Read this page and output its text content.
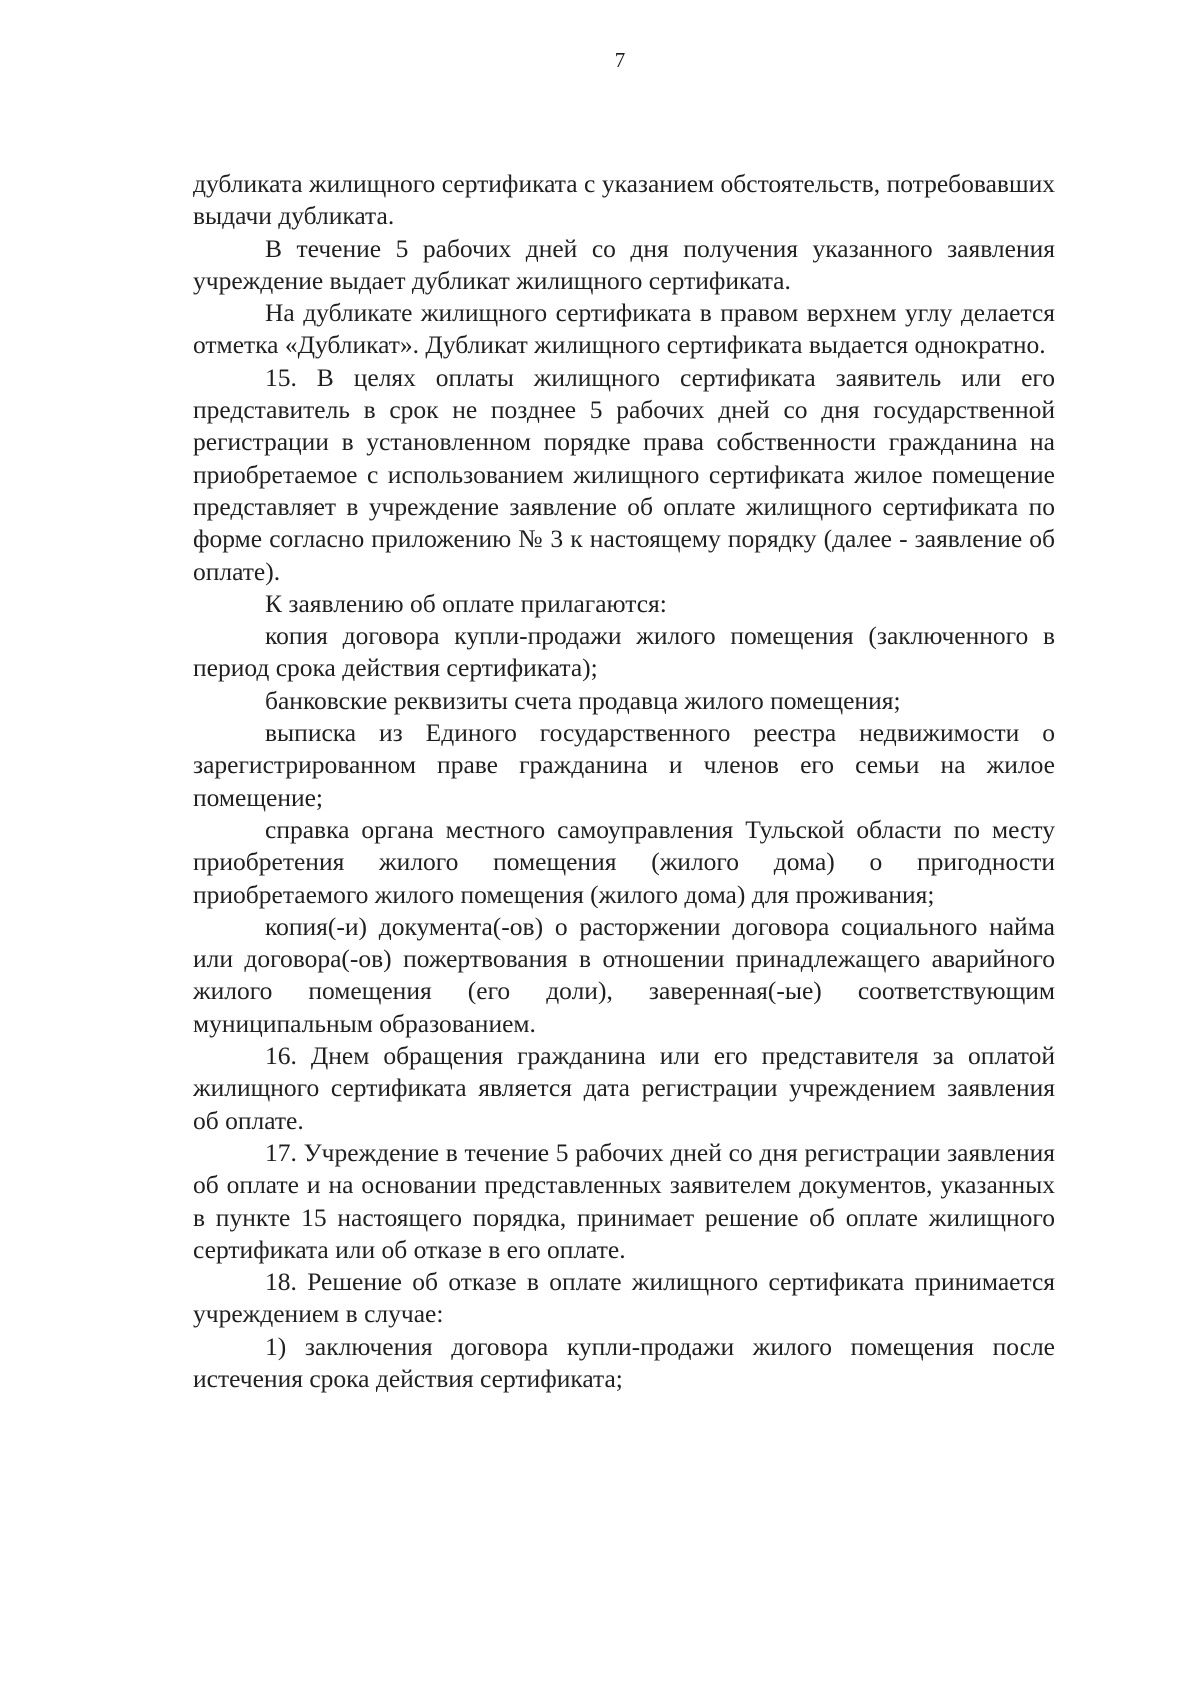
7

дубликата жилищного сертификата с указанием обстоятельств, потребовавших выдачи дубликата.

В течение 5 рабочих дней со дня получения указанного заявления учреждение выдает дубликат жилищного сертификата.

На дубликате жилищного сертификата в правом верхнем углу делается отметка «Дубликат». Дубликат жилищного сертификата выдается однократно.

15. В целях оплаты жилищного сертификата заявитель или его представитель в срок не позднее 5 рабочих дней со дня государственной регистрации в установленном порядке права собственности гражданина на приобретаемое с использованием жилищного сертификата жилое помещение представляет в учреждение заявление об оплате жилищного сертификата по форме согласно приложению № 3 к настоящему порядку (далее - заявление об оплате).

К заявлению об оплате прилагаются:

копия договора купли-продажи жилого помещения (заключенного в период срока действия сертификата);

банковские реквизиты счета продавца жилого помещения;

выписка из Единого государственного реестра недвижимости о зарегистрированном праве гражданина и членов его семьи на жилое помещение;

справка органа местного самоуправления Тульской области по месту приобретения жилого помещения (жилого дома) о пригодности приобретаемого жилого помещения (жилого дома) для проживания;

копия(-и) документа(-ов) о расторжении договора социального найма или договора(-ов) пожертвования в отношении принадлежащего аварийного жилого помещения (его доли), заверенная(-ые) соответствующим муниципальным образованием.

16. Днем обращения гражданина или его представителя за оплатой жилищного сертификата является дата регистрации учреждением заявления об оплате.

17. Учреждение в течение 5 рабочих дней со дня регистрации заявления об оплате и на основании представленных заявителем документов, указанных в пункте 15 настоящего порядка, принимает решение об оплате жилищного сертификата или об отказе в его оплате.

18. Решение об отказе в оплате жилищного сертификата принимается учреждением в случае:

1) заключения договора купли-продажи жилого помещения после истечения срока действия сертификата;
